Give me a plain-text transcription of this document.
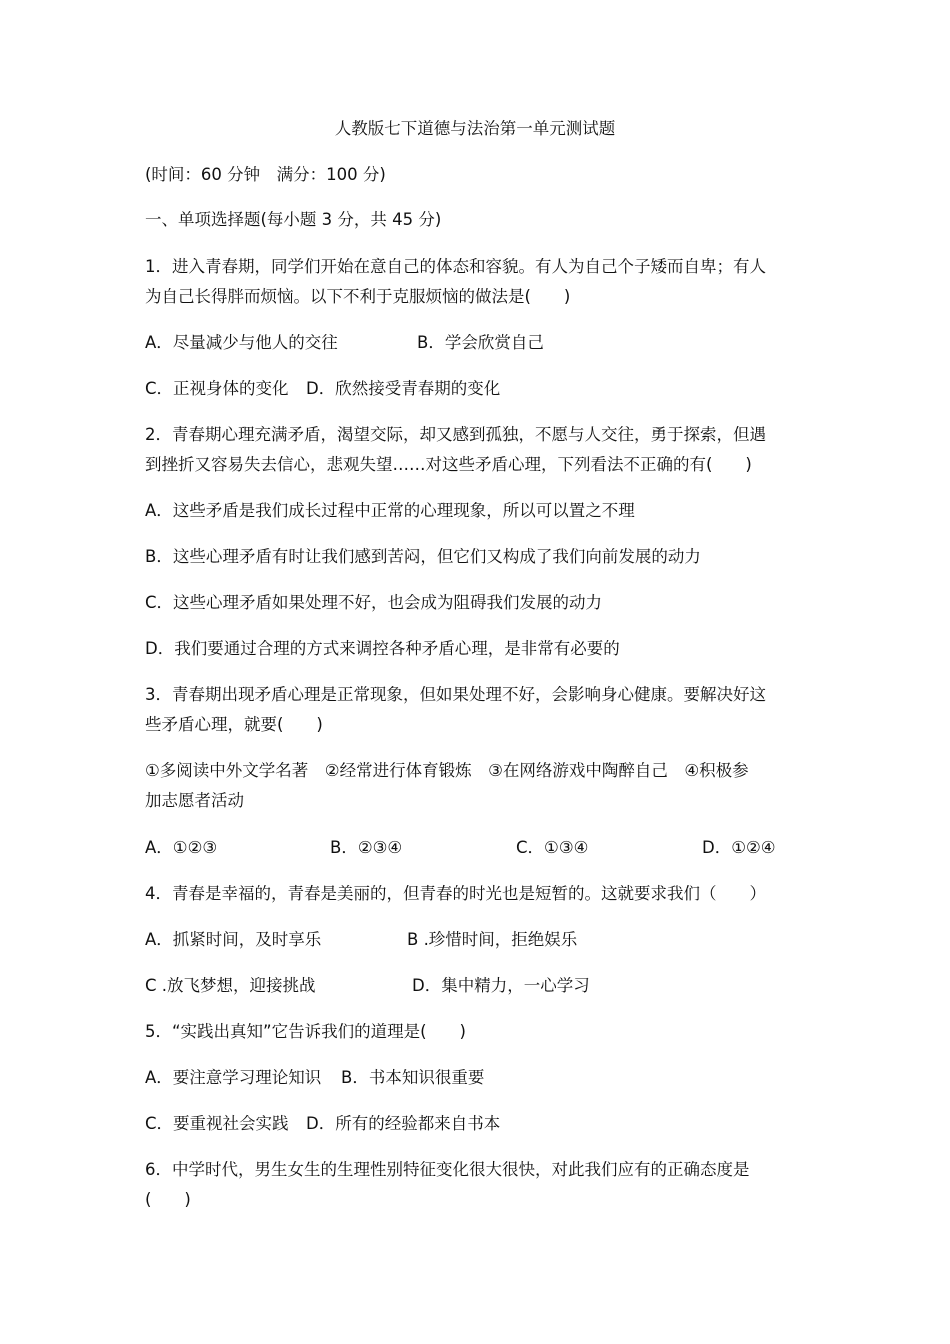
人教版七下道德与法治第一单元测试题
(时间：60 分钟　满分：100 分)
一、单项选择题(每小题 3 分，共 45 分)
1．进入青春期，同学们开始在意自己的体态和容貌。有人为自己个子矮而自卑；有人
为自己长得胖而烦恼。以下不利于克服烦恼的做法是(　　)
A．尽量减少与他人的交往	B．学会欣赏自己
C．正视身体的变化 D．欣然接受青春期的变化
2．青春期心理充满矛盾，渴望交际，却又感到孤独，不愿与人交往，勇于探索，但遇
到挫折又容易失去信心，悲观失望……对这些矛盾心理，下列看法不正确的有(　　)
A．这些矛盾是我们成长过程中正常的心理现象，所以可以置之不理
B．这些心理矛盾有时让我们感到苦闷，但它们又构成了我们向前发展的动力
C．这些心理矛盾如果处理不好，也会成为阻碍我们发展的动力
D．我们要通过合理的方式来调控各种矛盾心理，是非常有必要的
3．青春期出现矛盾心理是正常现象，但如果处理不好，会影响身心健康。要解决好这
些矛盾心理，就要(　　)
①多阅读中外文学名著　②经常进行体育锻炼　③在网络游戏中陶醉自己　④积极参
加志愿者活动
A．①②③	B．②③④	C．①③④	D．①②④
4．青春是幸福的，青春是美丽的，但青春的时光也是短暂的。这就要求我们（　　）
A．抓紧时间，及时享乐	B .珍惜时间，拒绝娱乐
C .放飞梦想，迎接挑战	D．集中精力，一心学习
5．“实践出真知”它告诉我们的道理是(　　)
A．要注意学习理论知识 B．书本知识很重要
C．要重视社会实践 D．所有的经验都来自书本
6．中学时代，男生女生的生理性别特征变化很大很快，对此我们应有的正确态度是
(　　)
